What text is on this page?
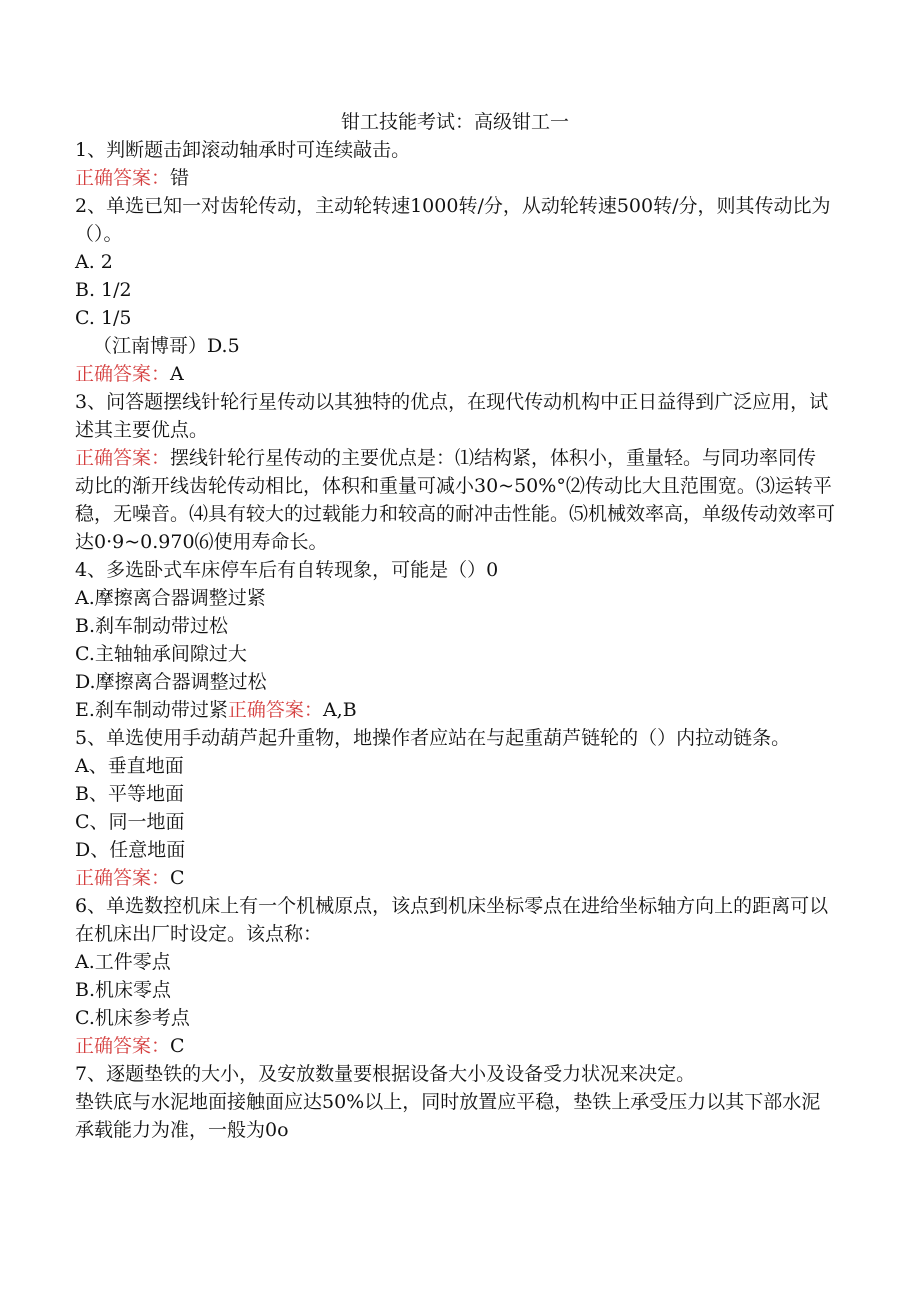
钳工技能考试：高级钳工一
1、判断题击卸滚动轴承时可连续敲击。
正确答案：错
2、单选已知一对齿轮传动，主动轮转速1000转/分，从动轮转速500转/分，则其传动比为（）。
A. 2
B. 1/2
C. 1/5
（江南博哥）D.5
正确答案：A
3、问答题摆线针轮行星传动以其独特的优点，在现代传动机构中正日益得到广泛应用，试述其主要优点。
正确答案：摆线针轮行星传动的主要优点是：⑴结构紧，体积小，重量轻。与同功率同传动比的渐开线齿轮传动相比，体积和重量可减小30~50%°⑵传动比大且范围宽。⑶运转平稳，无噪音。⑷具有较大的过载能力和较高的耐冲击性能。⑸机械效率高，单级传动效率可达0·9~0.970⑹使用寿命长。
4、多选卧式车床停车后有自转现象，可能是（）0
A.摩擦离合器调整过紧
B.刹车制动带过松
C.主轴轴承间隙过大
D.摩擦离合器调整过松
E.刹车制动带过紧正确答案：A,B
5、单选使用手动葫芦起升重物，地操作者应站在与起重葫芦链轮的（）内拉动链条。
A、垂直地面
B、平等地面
C、同一地面
D、任意地面
正确答案：C
6、单选数控机床上有一个机械原点，该点到机床坐标零点在进给坐标轴方向上的距离可以在机床出厂时设定。该点称：
A.工件零点
B.机床零点
C.机床参考点
正确答案：C
7、逐题垫铁的大小，及安放数量要根据设备大小及设备受力状况来决定。
垫铁底与水泥地面接触面应达50%以上，同时放置应平稳，垫铁上承受压力以其下部水泥承载能力为准，一般为0o
